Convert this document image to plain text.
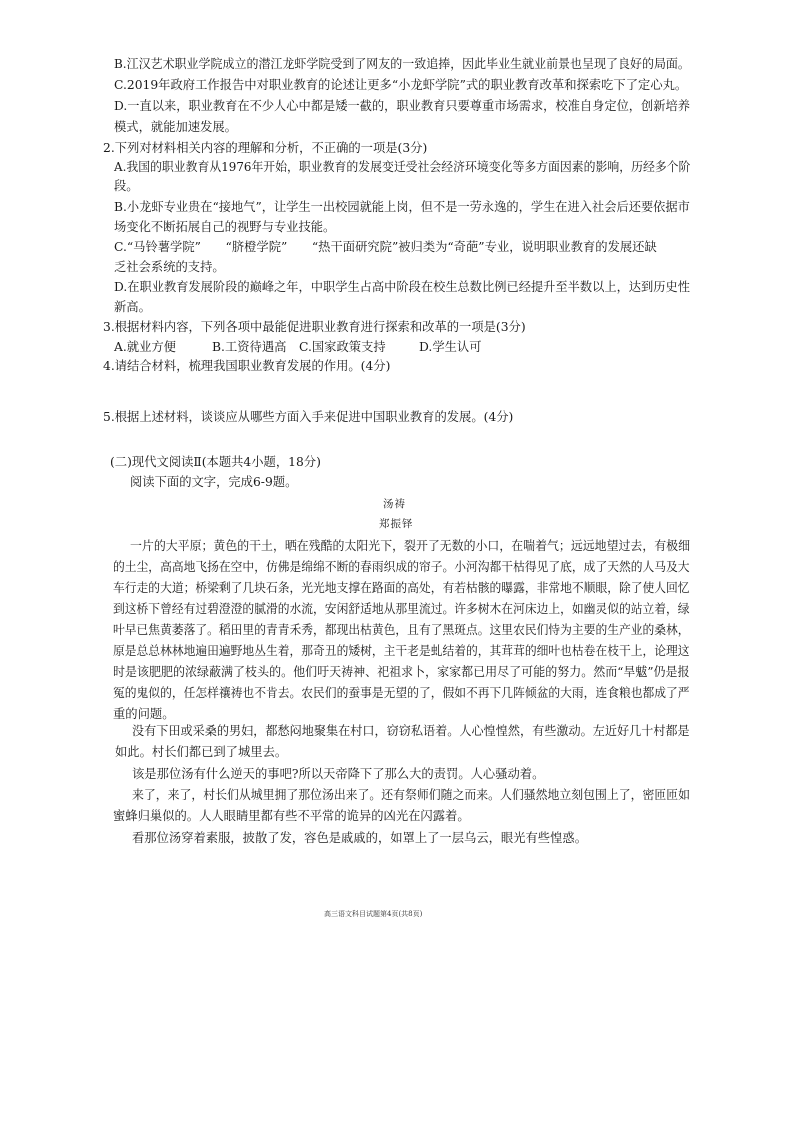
B.江汉艺术职业学院成立的潜江龙虾学院受到了网友的一致追捧，因此毕业生就业前景也呈现了良好的局面。
C.2019年政府工作报告中对职业教育的论述让更多“小龙虾学院”式的职业教育改革和探索吃下了定心丸。
D.一直以来，职业教育在不少人心中都是矮一截的，职业教育只要尊重市场需求，校准自身定位，创新培养
模式，就能加速发展。
2.下列对材料相关内容的理解和分析，不正确的一项是(3分)
A.我国的职业教育从1976年开始，职业教育的发展变迁受社会经济环境变化等多方面因素的影响，历经多个阶
段。
B.小龙虾专业贵在“接地气”，让学生一出校园就能上岗，但不是一劳永逸的，学生在进入社会后还要依据市
场变化不断拓展自己的视野与专业技能。
C.“马铃薯学院”　　“脐橙学院”　　“热干面研究院”被归类为“奇葩”专业，说明职业教育的发展还缺
乏社会系统的支持。
D.在职业教育发展阶段的巅峰之年，中职学生占高中阶段在校生总数比例已经提升至半数以上，达到历史性
新高。
3.根据材料内容，下列各项中最能促进职业教育进行探索和改革的一项是(3分)
A.就业方便	B.工资待遇高 C.国家政策支持	D.学生认可
4.请结合材料，梳理我国职业教育发展的作用。(4分)
5.根据上述材料，谈谈应从哪些方面入手来促进中国职业教育的发展。(4分)
(二)现代文阅读Ⅱ(本题共4小题，18分)
阅读下面的文字，完成6-9题。
汤祷
郑振铎
一片的大平原；黄色的干土，晒在残酷的太阳光下，裂开了无数的小口，在喘着气；远远地望过去，有极细
的土尘，高高地飞扬在空中，仿佛是绵绵不断的春雨织成的帘子。小河沟都干枯得见了底，成了天然的人马及大
车行走的大道；桥梁剩了几块石条，光光地支撑在路面的高处，有若枯骸的曝露，非常地不顺眼，除了使人回忆
到这桥下曾经有过碧澄澄的腻滑的水流，安闲舒适地从那里流过。许多树木在河床边上，如幽灵似的站立着，绿
叶早已焦黄萎落了。稻田里的青青禾秀，都现出枯黄色，且有了黑斑点。这里农民们恃为主要的生产业的桑林，
原是总总林林地遍田遍野地丛生着，那奇丑的矮树，主干老是虬结着的，其茸茸的细叶也枯卷在枝干上，论理这
时是该肥肥的浓绿蔽满了枝头的。他们吁天祷神、祀祖求卜，家家都已用尽了可能的努力。然而“旱魃”仍是报
冤的鬼似的，任怎样禳祷也不肯去。农民们的蚕事是无望的了，假如不再下几阵倾盆的大雨，连食粮也都成了严
重的问题。
没有下田或采桑的男妇，都愁闷地聚集在村口，窃窃私语着。人心惶惶然，有些激动。左近好几十村都是
如此。村长们都已到了城里去。
该是那位汤有什么逆天的事吧?所以天帝降下了那么大的责罚。人心骚动着。
来了，来了，村长们从城里拥了那位汤出来了。还有祭师们随之而来。人们骚然地立刻包围上了，密匝匝如
蜜蜂归巢似的。人人眼睛里都有些不平常的诡异的凶光在闪露着。
看那位汤穿着素服，披散了发，容色是戚戚的，如罩上了一层乌云，眼光有些惶惑。
高三语文科目试题第4页(共8页)
